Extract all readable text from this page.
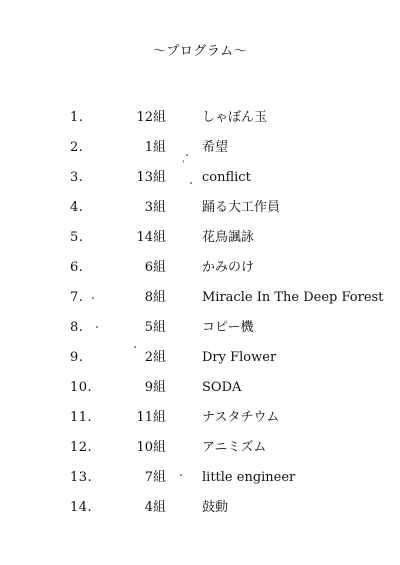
〜プログラム〜
1.	12組	しゃぼん玉
2.	1組	希望
3.	13組	conflict
4.	3組	踊る大工作員
5.	14組	花鳥諷詠
6.	6組	かみのけ
7.	8組	Miracle In The Deep Forest
8.	5組	コピー機
9.	2組	Dry Flower
10.	9組	SODA
11.	11組	ナスタチウム
12.	10組	アニミズム
13.	7組	little engineer
14.	4組	鼓動
